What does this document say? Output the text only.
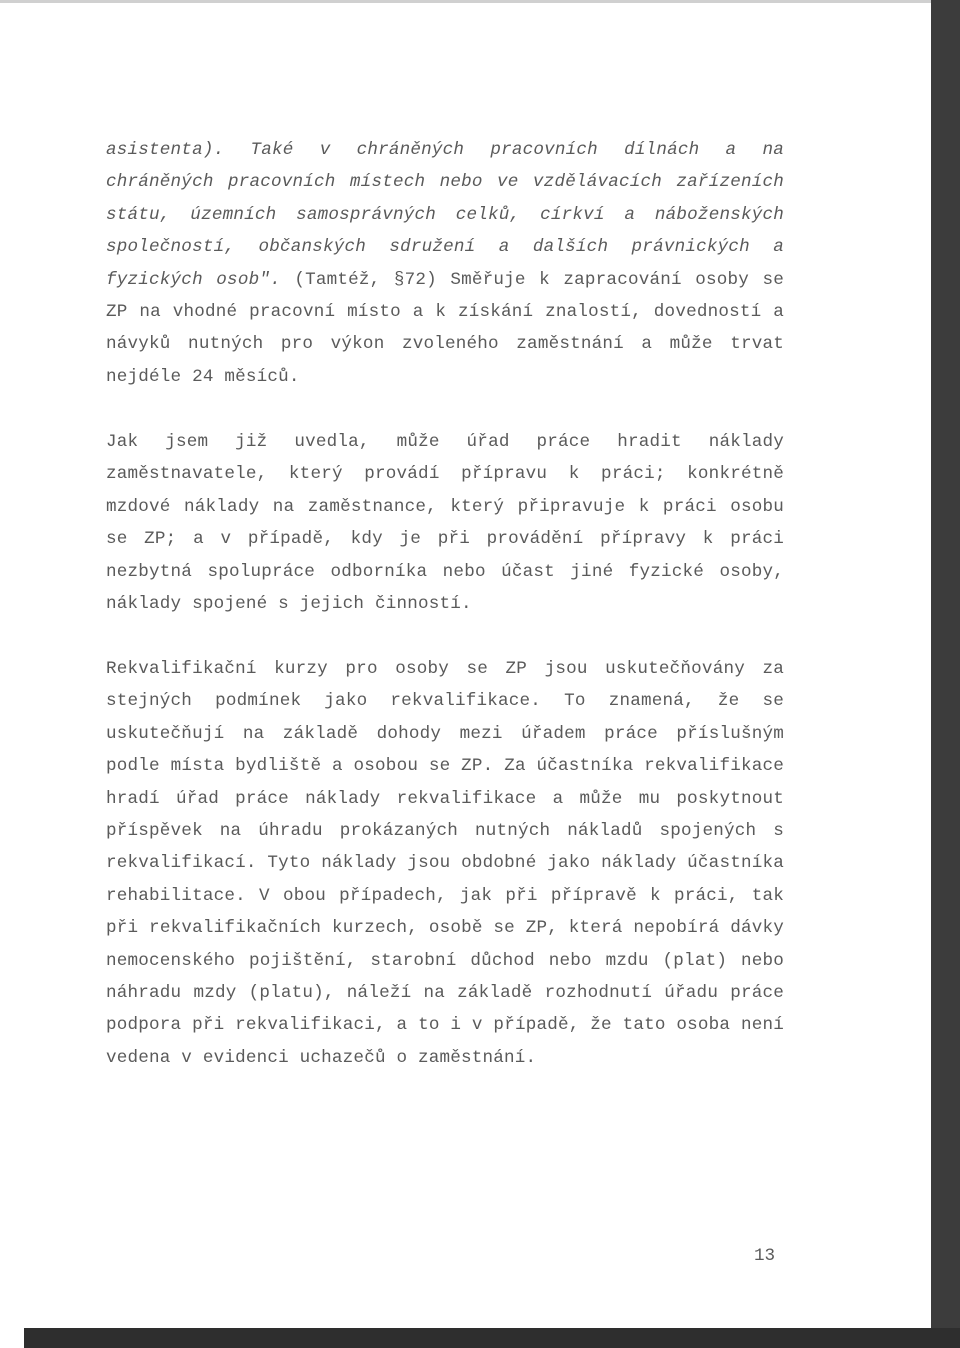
asistenta). Také v chráněných pracovních dílnách a na chráněných pracovních místech nebo ve vzdělávacích zařízeních státu, územních samosprávných celků, církví a náboženských společností, občanských sdružení a dalších právnických a fyzických osob". (Tamtéž, §72) Směřuje k zapracování osoby se ZP na vhodné pracovní místo a k získání znalostí, dovedností a návyků nutných pro výkon zvoleného zaměstnání a může trvat nejdéle 24 měsíců.

Jak jsem již uvedla, může úřad práce hradit náklady zaměstnavatele, který provádí přípravu k práci; konkrétně mzdové náklady na zaměstnance, který připravuje k práci osobu se ZP; a v případě, kdy je při provádění přípravy k práci nezbytná spolupráce odborníka nebo účast jiné fyzické osoby, náklady spojené s jejich činností.

Rekvalifikační kurzy pro osoby se ZP jsou uskutečňovány za stejných podmínek jako rekvalifikace. To znamená, že se uskutečňují na základě dohody mezi úřadem práce příslušným podle místa bydliště a osobou se ZP. Za účastníka rekvalifikace hradí úřad práce náklady rekvalifikace a může mu poskytnout příspěvek na úhradu prokázaných nutných nákladů spojených s rekvalifikací. Tyto náklady jsou obdobné jako náklady účastníka rehabilitace. V obou případech, jak při přípravě k práci, tak při rekvalifikačních kurzech, osobě se ZP, která nepobírá dávky nemocenského pojištění, starobní důchod nebo mzdu (plat) nebo náhradu mzdy (platu), náleží na základě rozhodnutí úřadu práce podpora při rekvalifikaci, a to i v případě, že tato osoba není vedena v evidenci uchazečů o zaměstnání.

13
